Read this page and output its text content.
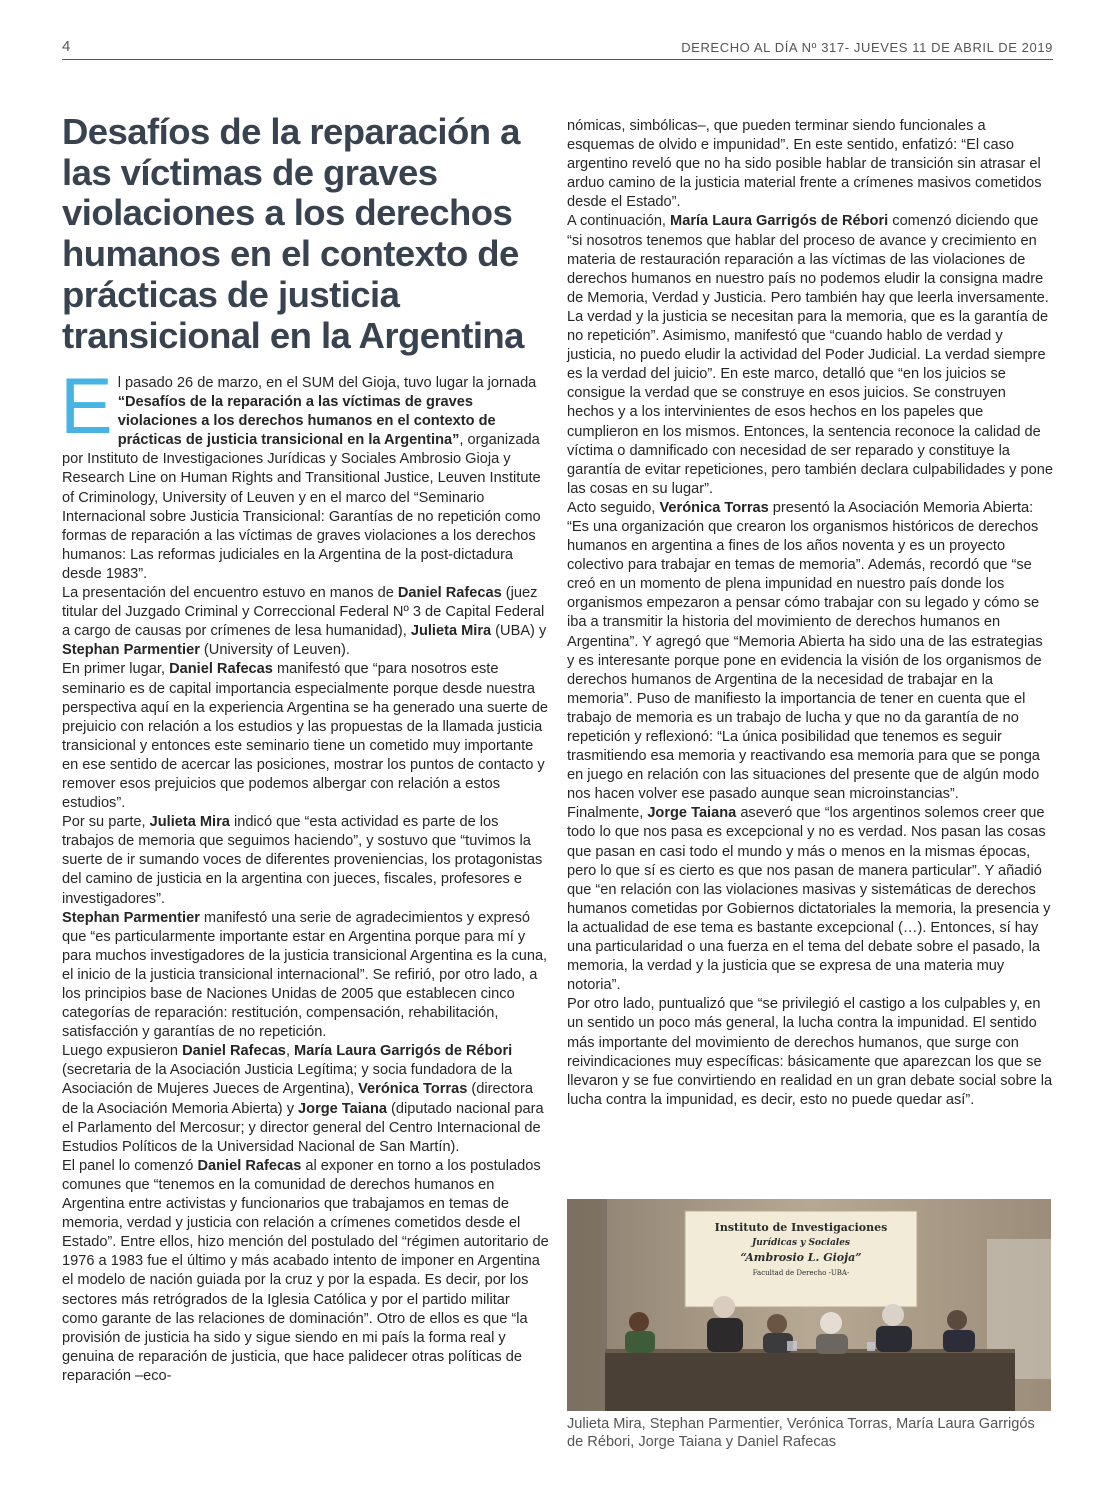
4	DERECHO AL DÍA Nº 317- JUEVES 11 DE ABRIL DE 2019
Desafíos de la reparación a las víctimas de graves violaciones a los derechos humanos en el contexto de prácticas de justicia transicional en la Argentina

El pasado 26 de marzo, en el SUM del Gioja, tuvo lugar la jornada “Desafíos de la reparación a las víctimas de graves violaciones a los derechos humanos en el contexto de prácticas de justicia transicional en la Argentina”, organizada por Instituto de Investigaciones Jurídicas y Sociales Ambrosio Gioja y Research Line on Human Rights and Transitional Justice, Leuven Institute of Criminology, University of Leuven y en el marco del “Seminario Internacional sobre Justicia Transicional: Garantías de no repetición como formas de reparación a las víctimas de graves violaciones a los derechos humanos: Las reformas judiciales en la Argentina de la post-dictadura desde 1983”.

La presentación del encuentro estuvo en manos de Daniel Rafecas (juez titular del Juzgado Criminal y Correccional Federal Nº 3 de Capital Federal a cargo de causas por crímenes de lesa humanidad), Julieta Mira (UBA) y Stephan Parmentier (University of Leuven).

En primer lugar, Daniel Rafecas manifestó que “para nosotros este seminario es de capital importancia especialmente porque desde nuestra perspectiva aquí en la experiencia Argentina se ha generado una suerte de prejuicio con relación a los estudios y las propuestas de la llamada justicia transicional y entonces este seminario tiene un cometido muy importante en ese sentido de acercar las posiciones, mostrar los puntos de contacto y remover esos prejuicios que podemos albergar con relación a estos estudios”.

Por su parte, Julieta Mira indicó que “esta actividad es parte de los trabajos de memoria que seguimos haciendo”, y sostuvo que “tuvimos la suerte de ir sumando voces de diferentes proveniencias, los protagonistas del camino de justicia en la argentina con jueces, fiscales, profesores e investigadores”.

Stephan Parmentier manifestó una serie de agradecimientos y expresó que “es particularmente importante estar en Argentina porque para mí y para muchos investigadores de la justicia transicional Argentina es la cuna, el inicio de la justicia transicional internacional”. Se refirió, por otro lado, a los principios base de Naciones Unidas de 2005 que establecen cinco categorías de reparación: restitución, compensación, rehabilitación, satisfacción y garantías de no repetición.

Luego expusieron Daniel Rafecas, María Laura Garrigós de Rébori (secretaria de la Asociación Justicia Legítima; y socia fundadora de la Asociación de Mujeres Jueces de Argentina), Verónica Torras (directora de la Asociación Memoria Abierta) y Jorge Taiana (diputado nacional para el Parlamento del Mercosur; y director general del Centro Internacional de Estudios Políticos de la Universidad Nacional de San Martín).

El panel lo comenzó Daniel Rafecas al exponer en torno a los postulados comunes que “tenemos en la comunidad de derechos humanos en Argentina entre activistas y funcionarios que trabajamos en temas de memoria, verdad y justicia con relación a crímenes cometidos desde el Estado”. Entre ellos, hizo mención del postulado del “régimen autoritario de 1976 a 1983 fue el último y más acabado intento de imponer en Argentina el modelo de nación guiada por la cruz y por la espada. Es decir, por los sectores más retrógrados de la Iglesia Católica y por el partido militar como garante de las relaciones de dominación”. Otro de ellos es que “la provisión de justicia ha sido y sigue siendo en mi país la forma real y genuina de reparación de justicia, que hace palidecer otras políticas de reparación –eco-

nómicas, simbólicas–, que pueden terminar siendo funcionales a esquemas de olvido e impunidad”. En este sentido, enfatizó: “El caso argentino reveló que no ha sido posible hablar de transición sin atrasar el arduo camino de la justicia material frente a crímenes masivos cometidos desde el Estado”.

A continuación, María Laura Garrigós de Rébori comenzó diciendo que “si nosotros tenemos que hablar del proceso de avance y crecimiento en materia de restauración reparación a las víctimas de las violaciones de derechos humanos en nuestro país no podemos eludir la consigna madre de Memoria, Verdad y Justicia. Pero también hay que leerla inversamente. La verdad y la justicia se necesitan para la memoria, que es la garantía de no repetición”. Asimismo, manifestó que “cuando hablo de verdad y justicia, no puedo eludir la actividad del Poder Judicial. La verdad siempre es la verdad del juicio”. En este marco, detalló que “en los juicios se consigue la verdad que se construye en esos juicios. Se construyen hechos y a los intervinientes de esos hechos en los papeles que cumplieron en los mismos. Entonces, la sentencia reconoce la calidad de víctima o damnificado con necesidad de ser reparado y constituye la garantía de evitar repeticiones, pero también declara culpabilidades y pone las cosas en su lugar”.

Acto seguido, Verónica Torras presentó la Asociación Memoria Abierta: “Es una organización que crearon los organismos históricos de derechos humanos en argentina a fines de los años noventa y es un proyecto colectivo para trabajar en temas de memoria”. Además, recordó que “se creó en un momento de plena impunidad en nuestro país donde los organismos empezaron a pensar cómo trabajar con su legado y cómo se iba a transmitir la historia del movimiento de derechos humanos en Argentina”. Y agregó que “Memoria Abierta ha sido una de las estrategias y es interesante porque pone en evidencia la visión de los organismos de derechos humanos de Argentina de la necesidad de trabajar en la memoria”. Puso de manifiesto la importancia de tener en cuenta que el trabajo de memoria es un trabajo de lucha y que no da garantía de no repetición y reflexionó: “La única posibilidad que tenemos es seguir trasmitiendo esa memoria y reactivando esa memoria para que se ponga en juego en relación con las situaciones del presente que de algún modo nos hacen volver ese pasado aunque sean microinstancias”.

Finalmente, Jorge Taiana aseveró que “los argentinos solemos creer que todo lo que nos pasa es excepcional y no es verdad. Nos pasan las cosas que pasan en casi todo el mundo y más o menos en la mismas épocas, pero lo que sí es cierto es que nos pasan de manera particular”. Y añadió que “en relación con las violaciones masivas y sistemáticas de derechos humanos cometidas por Gobiernos dictatoriales la memoria, la presencia y la actualidad de ese tema es bastante excepcional (…). Entonces, sí hay una particularidad o una fuerza en el tema del debate sobre el pasado, la memoria, la verdad y la justicia que se expresa de una materia muy notoria”.

Por otro lado, puntualizó que “se privilegió el castigo a los culpables y, en un sentido un poco más general, la lucha contra la impunidad. El sentido más importante del movimiento de derechos humanos, que surge con reivindicaciones muy específicas: básicamente que aparezcan los que se llevaron y se fue convirtiendo en realidad en un gran debate social sobre la lucha contra la impunidad, es decir, esto no puede quedar así”.

Instituto de Investigaciones
Jurídicas y Sociales
“Ambrosio L. Gioja”
Facultad de Derecho -UBA-
Julieta Mira, Stephan Parmentier, Verónica Torras, María Laura Garrigós de Rébori, Jorge Taiana y Daniel Rafecas
